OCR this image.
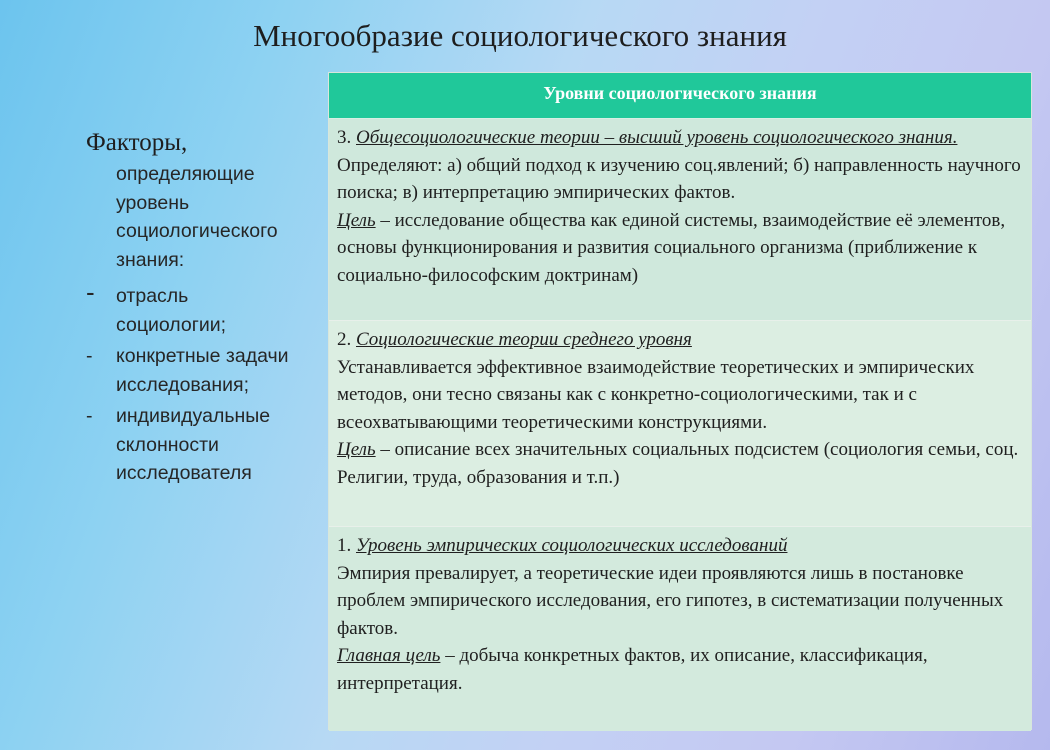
Многообразие социологического знания
Факторы,
определяющие
уровень
социологического
знания:
- отрасль
социологии;
- конкретные задачи
исследования;
- индивидуальные
склонности
исследователя
Уровни социологического знания
3. Общесоциологические теории – высший уровень социологического знания. Определяют: а) общий подход к изучению соц.явлений; б) направленность научного поиска; в) интерпретацию эмпирических фактов.
Цель – исследование общества как единой системы, взаимодействие её элементов, основы функционирования и развития социального организма (приближение к социально-философским доктринам)
2. Социологические теории среднего уровня
Устанавливается эффективное взаимодействие теоретических и эмпирических методов, они тесно связаны как с конкретно-социологическими, так и с всеохватывающими теоретическими конструкциями.
Цель – описание всех значительных социальных подсистем (социология семьи, соц. Религии, труда, образования и т.п.)
1. Уровень эмпирических социологических исследований
Эмпирия превалирует, а теоретические идеи проявляются лишь в постановке проблем эмпирического исследования, его гипотез, в систематизации полученных фактов.
Главная цель – добыча конкретных фактов, их описание, классификация, интерпретация.
